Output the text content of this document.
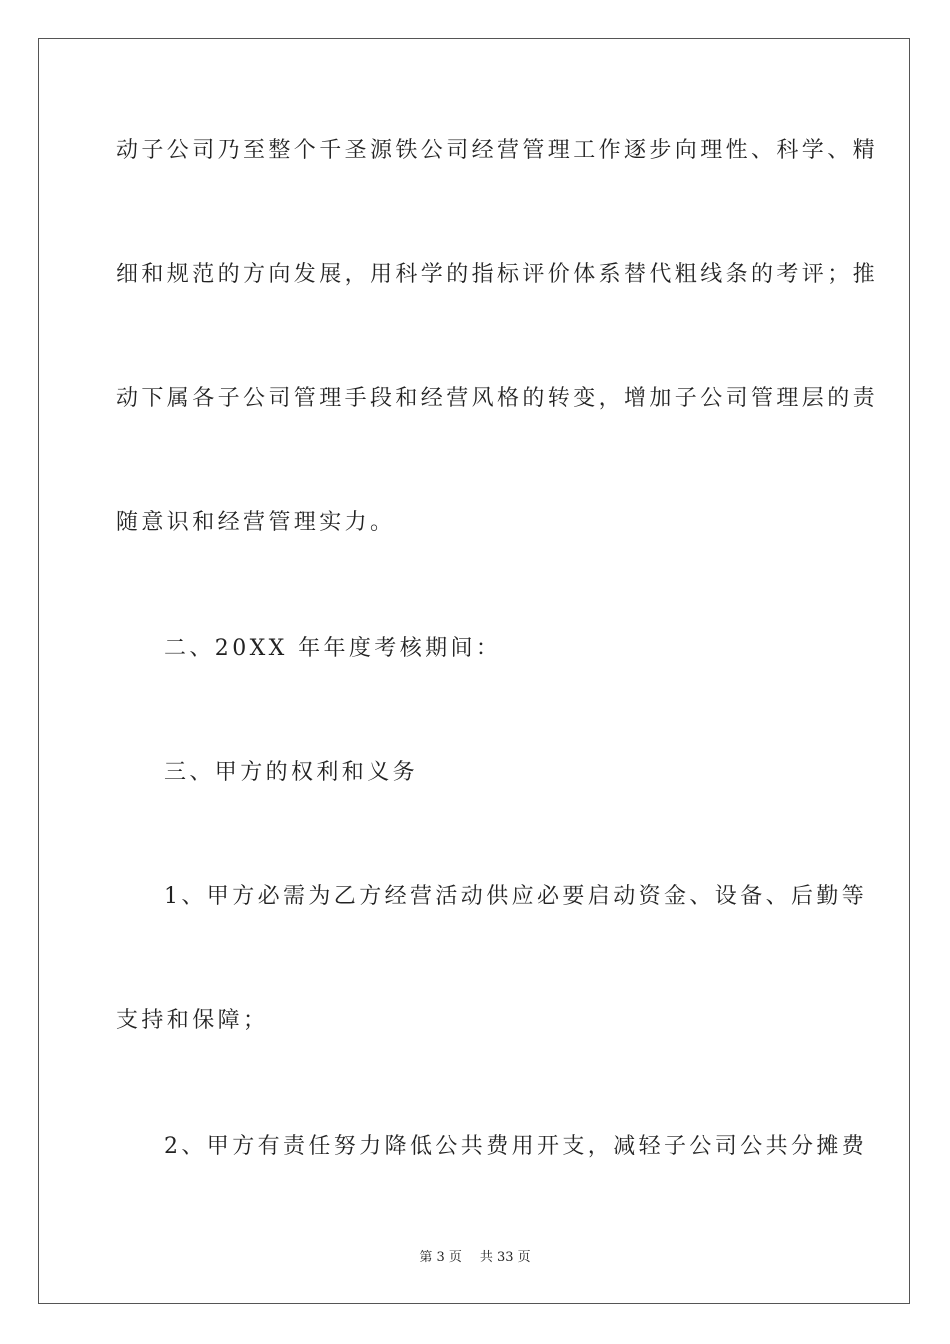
动子公司乃至整个千圣源铁公司经营管理工作逐步向理性、科学、精
细和规范的方向发展，用科学的指标评价体系替代粗线条的考评；推
动下属各子公司管理手段和经营风格的转变，增加子公司管理层的责
随意识和经营管理实力。
二、20XX 年年度考核期间：
三、甲方的权利和义务
1、甲方必需为乙方经营活动供应必要启动资金、设备、后勤等
支持和保障；
2、甲方有责任努力降低公共费用开支，减轻子公司公共分摊费
第 3 页 共 33 页
